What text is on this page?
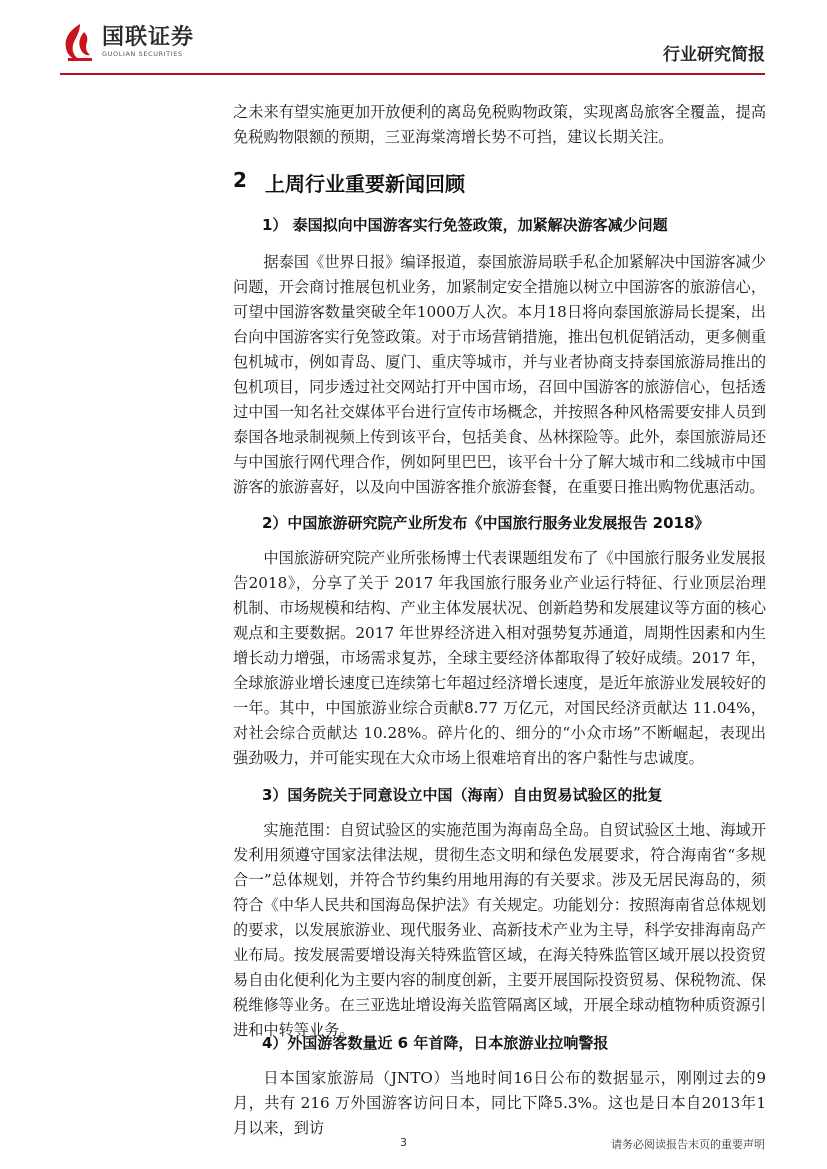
国联证券
GUOLIAN SECURITIES	行业研究简报

之未来有望实施更加开放便利的离岛免税购物政策，实现离岛旅客全覆盖，提高免税购物限额的预期，三亚海棠湾增长势不可挡，建议长期关注。

2 上周行业重要新闻回顾
1） 泰国拟向中国游客实行免签政策，加紧解决游客减少问题

据泰国《世界日报》编译报道，泰国旅游局联手私企加紧解决中国游客减少问题，开会商讨推展包机业务，加紧制定安全措施以树立中国游客的旅游信心，可望中国游客数量突破全年1000万人次。本月18日将向泰国旅游局长提案，出台向中国游客实行免签政策。对于市场营销措施，推出包机促销活动，更多侧重包机城市，例如青岛、厦门、重庆等城市，并与业者协商支持泰国旅游局推出的包机项目，同步透过社交网站打开中国市场，召回中国游客的旅游信心，包括透过中国一知名社交媒体平台进行宣传市场概念，并按照各种风格需要安排人员到泰国各地录制视频上传到该平台，包括美食、丛林探险等。此外，泰国旅游局还与中国旅行网代理合作，例如阿里巴巴，该平台十分了解大城市和二线城市中国游客的旅游喜好，以及向中国游客推介旅游套餐，在重要日推出购物优惠活动。

2）中国旅游研究院产业所发布《中国旅行服务业发展报告 2018》

中国旅游研究院产业所张杨博士代表课题组发布了《中国旅行服务业发展报告2018》，分享了关于 2017 年我国旅行服务业产业运行特征、行业顶层治理机制、市场规模和结构、产业主体发展状况、创新趋势和发展建议等方面的核心观点和主要数据。2017 年世界经济进入相对强势复苏通道，周期性因素和内生增长动力增强，市场需求复苏，全球主要经济体都取得了较好成绩。2017 年，全球旅游业增长速度已连续第七年超过经济增长速度，是近年旅游业发展较好的一年。其中，中国旅游业综合贡献8.77 万亿元，对国民经济贡献达 11.04%，对社会综合贡献达 10.28%。碎片化的、细分的“小众市场”不断崛起，表现出强劲吸力，并可能实现在大众市场上很难培育出的客户黏性与忠诚度。

3）国务院关于同意设立中国（海南）自由贸易试验区的批复

实施范围：自贸试验区的实施范围为海南岛全岛。自贸试验区土地、海域开发利用须遵守国家法律法规，贯彻生态文明和绿色发展要求，符合海南省“多规合一”总体规划，并符合节约集约用地用海的有关要求。涉及无居民海岛的，须符合《中华人民共和国海岛保护法》有关规定。功能划分：按照海南省总体规划的要求，以发展旅游业、现代服务业、高新技术产业为主导，科学安排海南岛产业布局。按发展需要增设海关特殊监管区域，在海关特殊监管区域开展以投资贸易自由化便利化为主要内容的制度创新，主要开展国际投资贸易、保税物流、保税维修等业务。在三亚选址增设海关监管隔离区域，开展全球动植物种质资源引进和中转等业务。

4）外国游客数量近 6 年首降，日本旅游业拉响警报

日本国家旅游局（JNTO）当地时间16日公布的数据显示，刚刚过去的9月，共有 216 万外国游客访问日本，同比下降5.3%。这也是日本自2013年1月以来，到访

3	请务必阅读报告末页的重要声明
